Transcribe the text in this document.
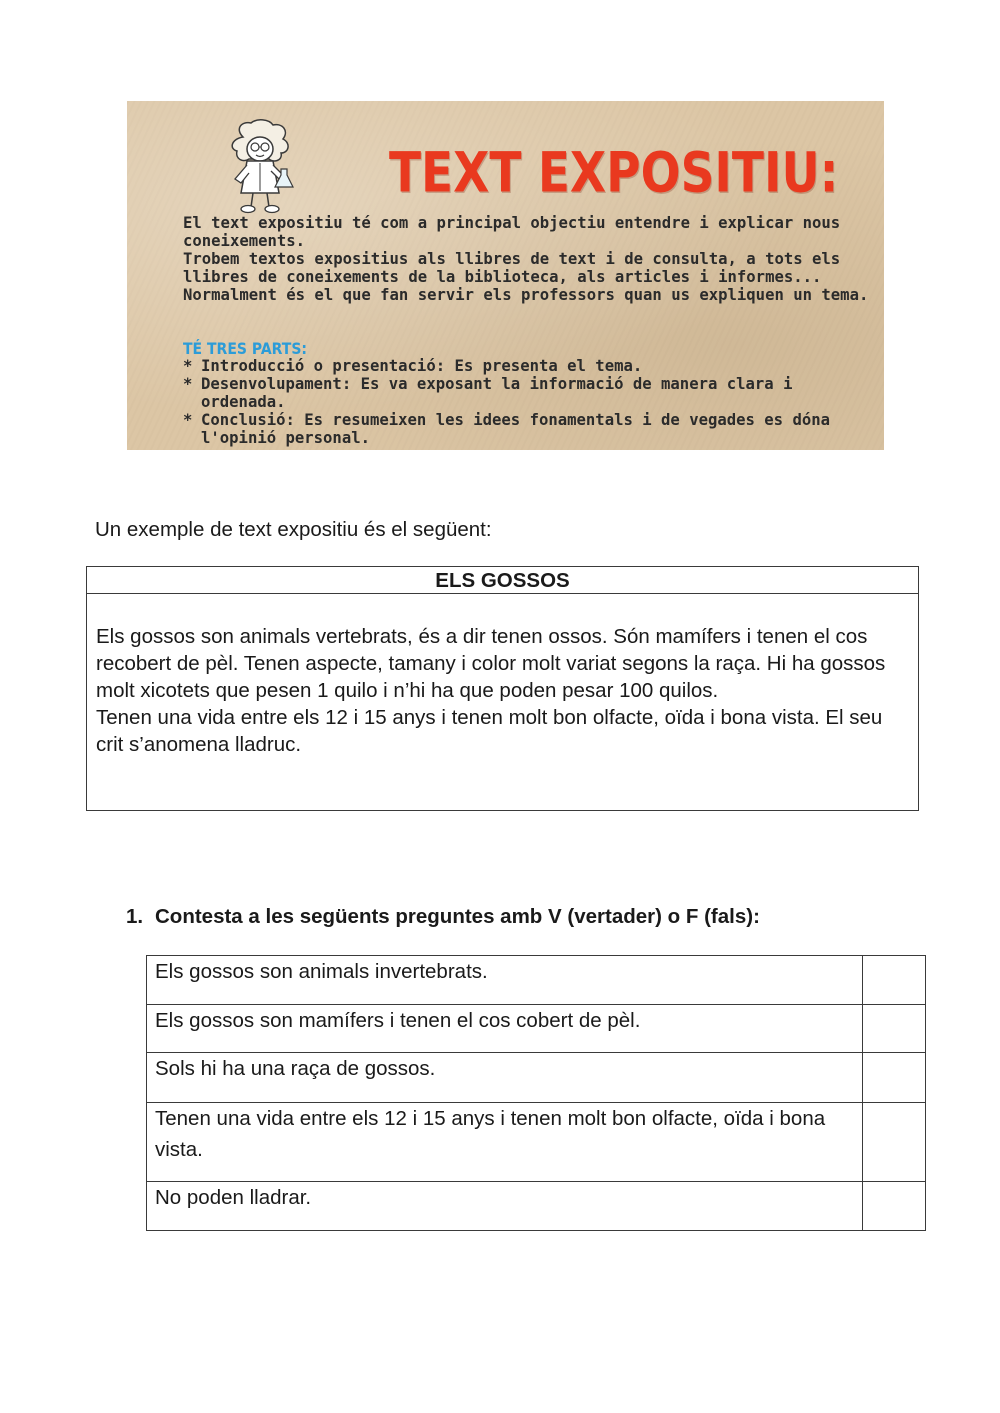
TEXT EXPOSITIU:

El text expositiu té com a principal objectiu entendre i explicar nous coneixements.

Trobem textos expositius als llibres de text i de consulta, a tots els llibres de coneixements de la biblioteca, als articles i informes...

Normalment és el que fan servir els professors quan us expliquen un tema.

TÉ TRES PARTS:
* Introducció o presentació: Es presenta el tema.
* Desenvolupament: Es va exposant la informació de manera clara i ordenada.
* Conclusió: Es resumeixen les idees fonamentals i de vegades es dóna l'opinió personal.
Un exemple de text expositiu és el següent:
ELS GOSSOS

Els gossos son animals vertebrats, és a dir tenen ossos. Són mamífers i tenen el cos recobert de pèl. Tenen aspecte, tamany i color molt variat segons la raça. Hi ha gossos molt xicotets que pesen 1 quilo i n’hi ha que poden pesar 100 quilos.

Tenen una vida entre els 12 i 15 anys i tenen molt bon olfacte, oïda i bona vista. El seu crit s’anomena lladruc.

1. Contesta a les següents preguntes amb V (vertader) o F (fals):
Els gossos son animals invertebrats.	
Els gossos son mamífers i tenen el cos cobert de pèl.	
Sols hi ha una raça de gossos.	
Tenen una vida entre els 12 i 15 anys i tenen molt bon olfacte, oïda i bona vista.	
No poden lladrar.	
